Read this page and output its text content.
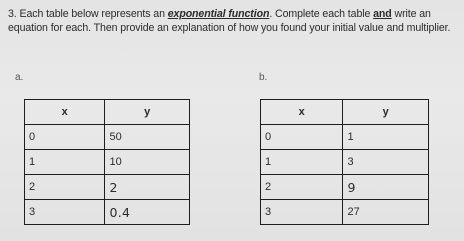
3. Each table below represents an exponential function. Complete each table and write an equation for each. Then provide an explanation of how you found your initial value and multiplier.
a.	b.
x	y
0	50
1	10
2	2
3	0.4
x	y
0	1
1	3
2	9
3	27
